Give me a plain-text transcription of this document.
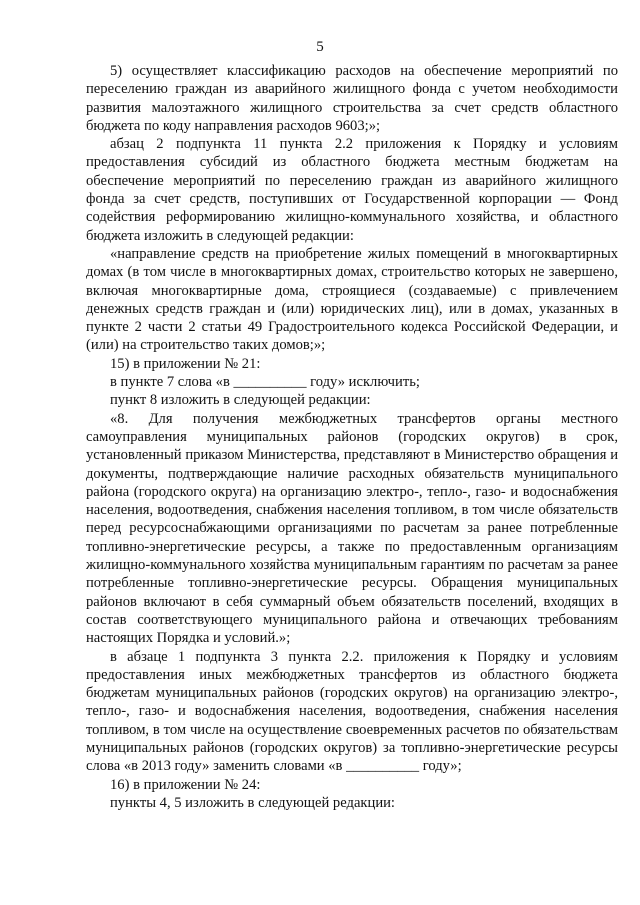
5

5) осуществляет классификацию расходов на обеспечение мероприятий по переселению граждан из аварийного жилищного фонда с учетом необходимости развития малоэтажного жилищного строительства за счет средств областного бюджета по коду направления расходов 9603;»;

абзац 2 подпункта 11 пункта 2.2 приложения к Порядку и условиям предоставления субсидий из областного бюджета местным бюджетам на обеспечение мероприятий по переселению граждан из аварийного жилищного фонда за счет средств, поступивших от Государственной корпорации — Фонд содействия реформированию жилищно-коммунального хозяйства, и областного бюджета изложить в следующей редакции:

«направление средств на приобретение жилых помещений в многоквартирных домах (в том числе в многоквартирных домах, строительство которых не завершено, включая многоквартирные дома, строящиеся (создаваемые) с привлечением денежных средств граждан и (или) юридических лиц), или в домах, указанных в пункте 2 части 2 статьи 49 Градостроительного кодекса Российской Федерации, и (или) на строительство таких домов;»;

15) в приложении № 21:

в пункте 7 слова «в __________ году» исключить;

пункт 8 изложить в следующей редакции:

«8. Для получения межбюджетных трансфертов органы местного самоуправления муниципальных районов (городских округов) в срок, установленный приказом Министерства, представляют в Министерство обращения и документы, подтверждающие наличие расходных обязательств муниципального района (городского округа) на организацию электро-, тепло-, газо- и водоснабжения населения, водоотведения, снабжения населения топливом, в том числе обязательств перед ресурсоснабжающими организациями по расчетам за ранее потребленные топливно-энергетические ресурсы, а также по предоставленным организациям жилищно-коммунального хозяйства муниципальным гарантиям по расчетам за ранее потребленные топливно-энергетические ресурсы. Обращения муниципальных районов включают в себя суммарный объем обязательств поселений, входящих в состав соответствующего муниципального района и отвечающих требованиям настоящих Порядка и условий.»;

в абзаце 1 подпункта 3 пункта 2.2. приложения к Порядку и условиям предоставления иных межбюджетных трансфертов из областного бюджета бюджетам муниципальных районов (городских округов) на организацию электро-, тепло-, газо- и водоснабжения населения, водоотведения, снабжения населения топливом, в том числе на осуществление своевременных расчетов по обязательствам муниципальных районов (городских округов) за топливно-энергетические ресурсы слова «в 2013 году» заменить словами «в __________ году»;

16) в приложении № 24:

пункты 4, 5 изложить в следующей редакции:
